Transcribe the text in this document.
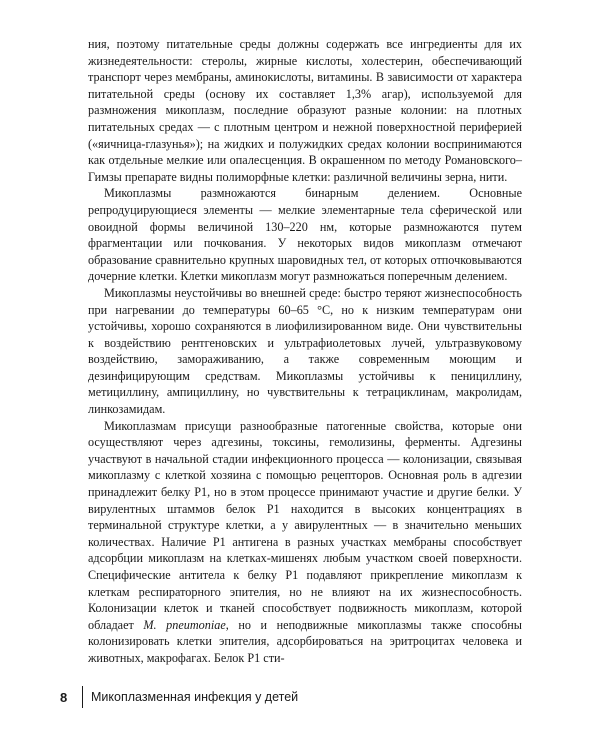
ния, поэтому питательные среды должны содержать все ингредиенты для их жизнедеятельности: стеролы, жирные кислоты, холестерин, обеспечивающий транспорт через мембраны, аминокислоты, витамины. В зависимости от характера питательной среды (основу их составляет 1,3% агар), используемой для размножения микоплазм, последние образуют разные колонии: на плотных питательных средах — с плотным центром и нежной поверхностной периферией («яичница-глазунья»); на жидких и полужидких средах колонии воспринимаются как отдельные мелкие или опалесценция. В окрашенном по методу Романовского–Гимзы препарате видны полиморфные клетки: различной величины зерна, нити.

Микоплазмы размножаются бинарным делением. Основные репродуцирующиеся элементы — мелкие элементарные тела сферической или овоидной формы величиной 130–220 нм, которые размножаются путем фрагментации или почкования. У некоторых видов микоплазм отмечают образование сравнительно крупных шаровидных тел, от которых отпочковываются дочерние клетки. Клетки микоплазм могут размножаться поперечным делением.

Микоплазмы неустойчивы во внешней среде: быстро теряют жизнеспособность при нагревании до температуры 60–65 °С, но к низким температурам они устойчивы, хорошо сохраняются в лиофилизированном виде. Они чувствительны к воздействию рентгеновских и ультрафиолетовых лучей, ультразвуковому воздействию, замораживанию, а также современным моющим и дезинфицирующим средствам. Микоплазмы устойчивы к пенициллину, метициллину, ампициллину, но чувствительны к тетрациклинам, макролидам, линкозамидам.

Микоплазмам присущи разнообразные патогенные свойства, которые они осуществляют через адгезины, токсины, гемолизины, ферменты. Адгезины участвуют в начальной стадии инфекционного процесса — колонизации, связывая микоплазму с клеткой хозяина с помощью рецепторов. Основная роль в адгезии принадлежит белку Р1, но в этом процессе принимают участие и другие белки. У вирулентных штаммов белок Р1 находится в высоких концентрациях в терминальной структуре клетки, а у авирулентных — в значительно меньших количествах. Наличие Р1 антигена в разных участках мембраны способствует адсорбции микоплазм на клетках-мишенях любым участком своей поверхности. Специфические антитела к белку Р1 подавляют прикрепление микоплазм к клеткам респираторного эпителия, но не влияют на их жизнеспособность. Колонизации клеток и тканей способствует подвижность микоплазм, которой обладает M. pneumoniae, но и неподвижные микоплазмы также способны колонизировать клетки эпителия, адсорбироваться на эритроцитах человека и животных, макрофагах. Белок Р1 сти-

8	Микоплазменная инфекция у детей
